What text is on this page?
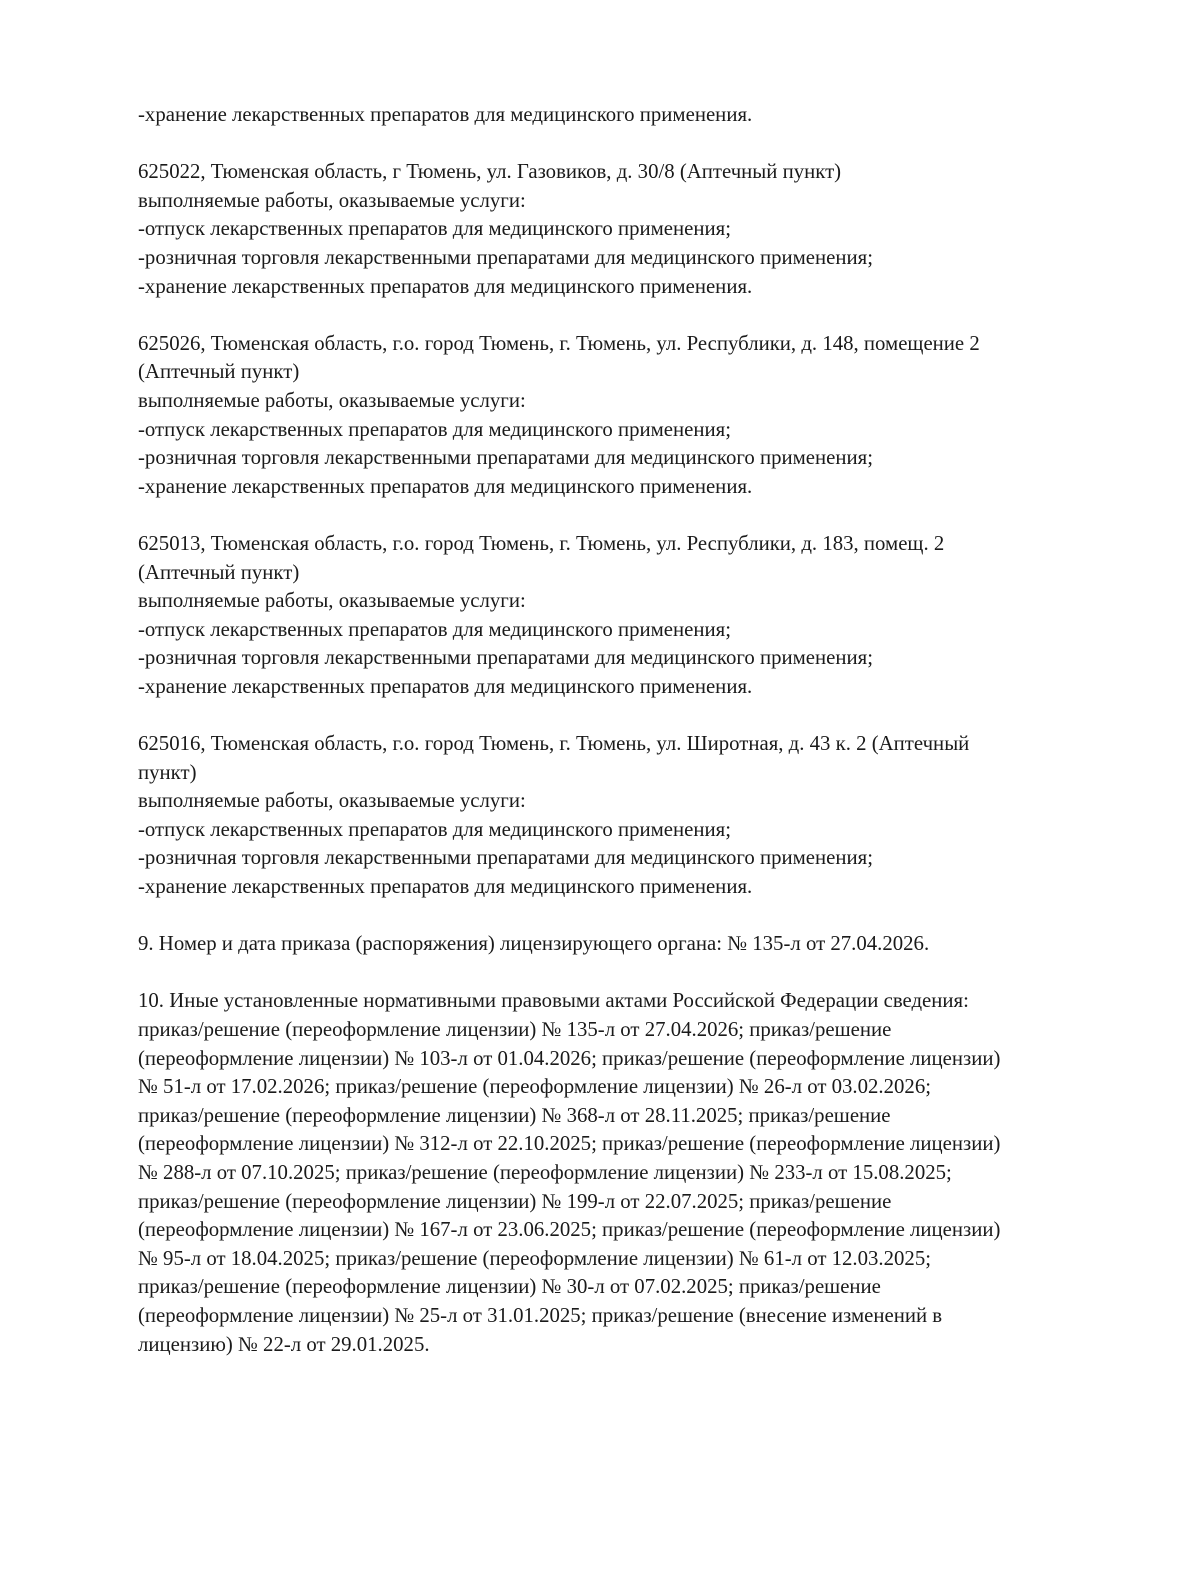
-хранение лекарственных препаратов для медицинского применения.
625022, Тюменская область, г Тюмень, ул. Газовиков, д. 30/8 (Аптечный пункт)
выполняемые работы, оказываемые услуги:
-отпуск лекарственных препаратов для медицинского применения;
-розничная торговля лекарственными препаратами для медицинского применения;
-хранение лекарственных препаратов для медицинского применения.
625026, Тюменская область, г.о. город Тюмень, г. Тюмень, ул. Республики, д. 148, помещение 2
(Аптечный пункт)
выполняемые работы, оказываемые услуги:
-отпуск лекарственных препаратов для медицинского применения;
-розничная торговля лекарственными препаратами для медицинского применения;
-хранение лекарственных препаратов для медицинского применения.
625013, Тюменская область, г.о. город Тюмень, г. Тюмень, ул. Республики, д. 183, помещ. 2
(Аптечный пункт)
выполняемые работы, оказываемые услуги:
-отпуск лекарственных препаратов для медицинского применения;
-розничная торговля лекарственными препаратами для медицинского применения;
-хранение лекарственных препаратов для медицинского применения.
625016, Тюменская область, г.о. город Тюмень, г. Тюмень, ул. Широтная, д. 43 к. 2 (Аптечный
пункт)
выполняемые работы, оказываемые услуги:
-отпуск лекарственных препаратов для медицинского применения;
-розничная торговля лекарственными препаратами для медицинского применения;
-хранение лекарственных препаратов для медицинского применения.
9. Номер и дата приказа (распоряжения) лицензирующего органа: № 135-л от 27.04.2026.
10. Иные установленные нормативными правовыми актами Российской Федерации сведения:
приказ/решение (переоформление лицензии) № 135-л от 27.04.2026; приказ/решение
(переоформление лицензии) № 103-л от 01.04.2026; приказ/решение (переоформление лицензии)
№ 51-л от 17.02.2026; приказ/решение (переоформление лицензии) № 26-л от 03.02.2026;
приказ/решение (переоформление лицензии) № 368-л от 28.11.2025; приказ/решение
(переоформление лицензии) № 312-л от 22.10.2025; приказ/решение (переоформление лицензии)
№ 288-л от 07.10.2025; приказ/решение (переоформление лицензии) № 233-л от 15.08.2025;
приказ/решение (переоформление лицензии) № 199-л от 22.07.2025; приказ/решение
(переоформление лицензии) № 167-л от 23.06.2025; приказ/решение (переоформление лицензии)
№ 95-л от 18.04.2025; приказ/решение (переоформление лицензии) № 61-л от 12.03.2025;
приказ/решение (переоформление лицензии) № 30-л от 07.02.2025; приказ/решение
(переоформление лицензии) № 25-л от 31.01.2025; приказ/решение (внесение изменений в
лицензию) № 22-л от 29.01.2025.
